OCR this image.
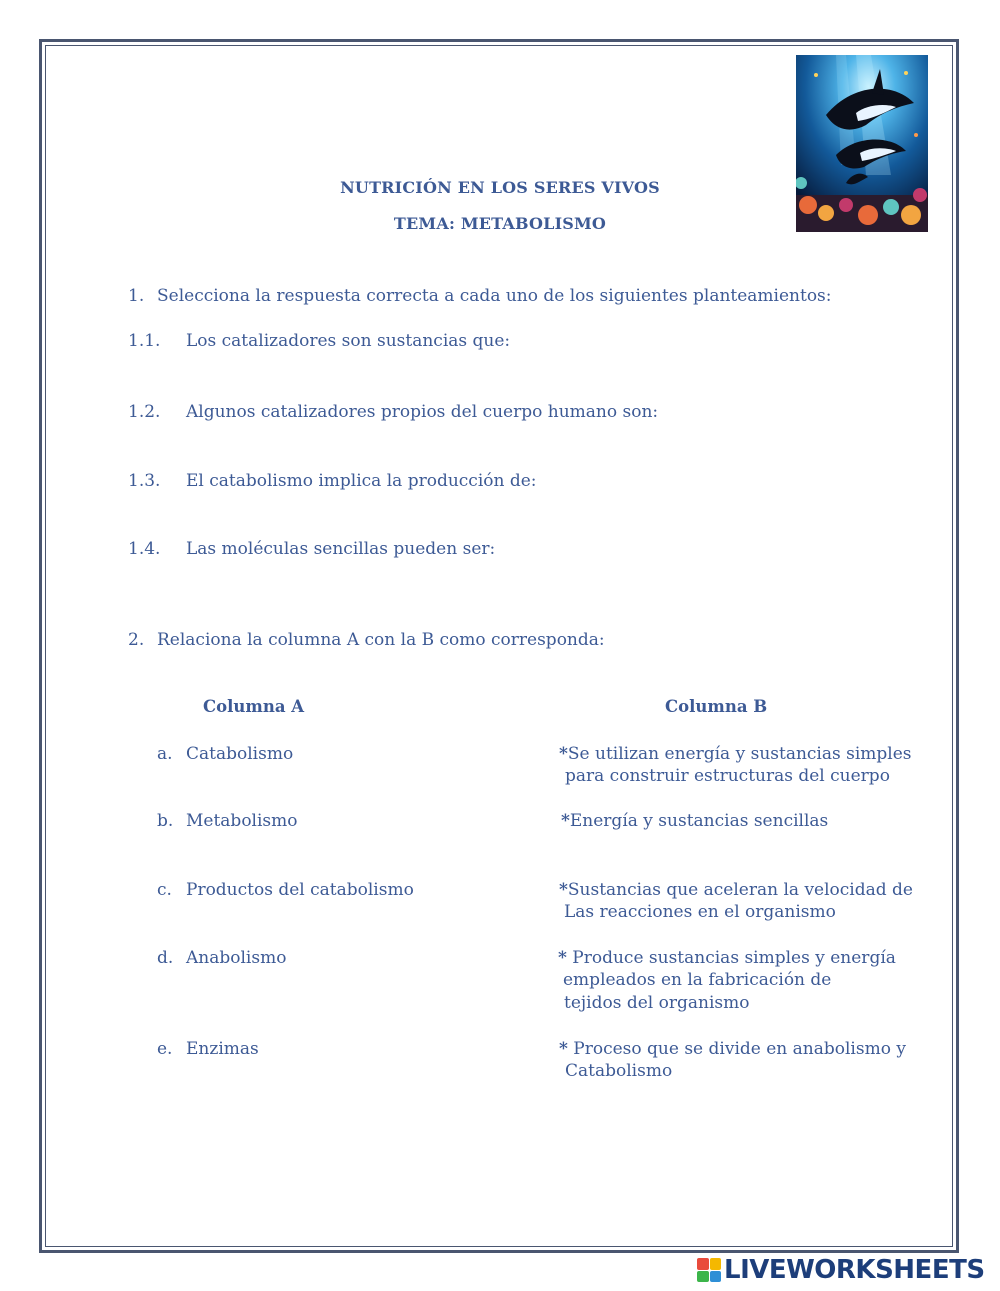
NUTRICIÓN EN LOS SERES VIVOS
TEMA: METABOLISMO
1. Selecciona la respuesta correcta a cada uno de los siguientes planteamientos:
1.1. Los catalizadores son sustancias que:
1.2. Algunos catalizadores propios del cuerpo humano son:
1.3. El catabolismo implica la producción de:
1.4. Las moléculas sencillas pueden ser:
2. Relaciona la columna A con la B como corresponda:
Columna A	Columna B
a. Catabolismo
b. Metabolismo
c. Productos del catabolismo
d. Anabolismo
e. Enzimas
*Se utilizan energía y sustancias simples
para construir estructuras del cuerpo
*Energía y sustancias sencillas
*Sustancias que aceleran la velocidad de
Las reacciones en el organismo
* Produce sustancias simples y energía
empleados en la fabricación de
tejidos del organismo
* Proceso que se divide en anabolismo y
Catabolismo
LIVEWORKSHEETS
